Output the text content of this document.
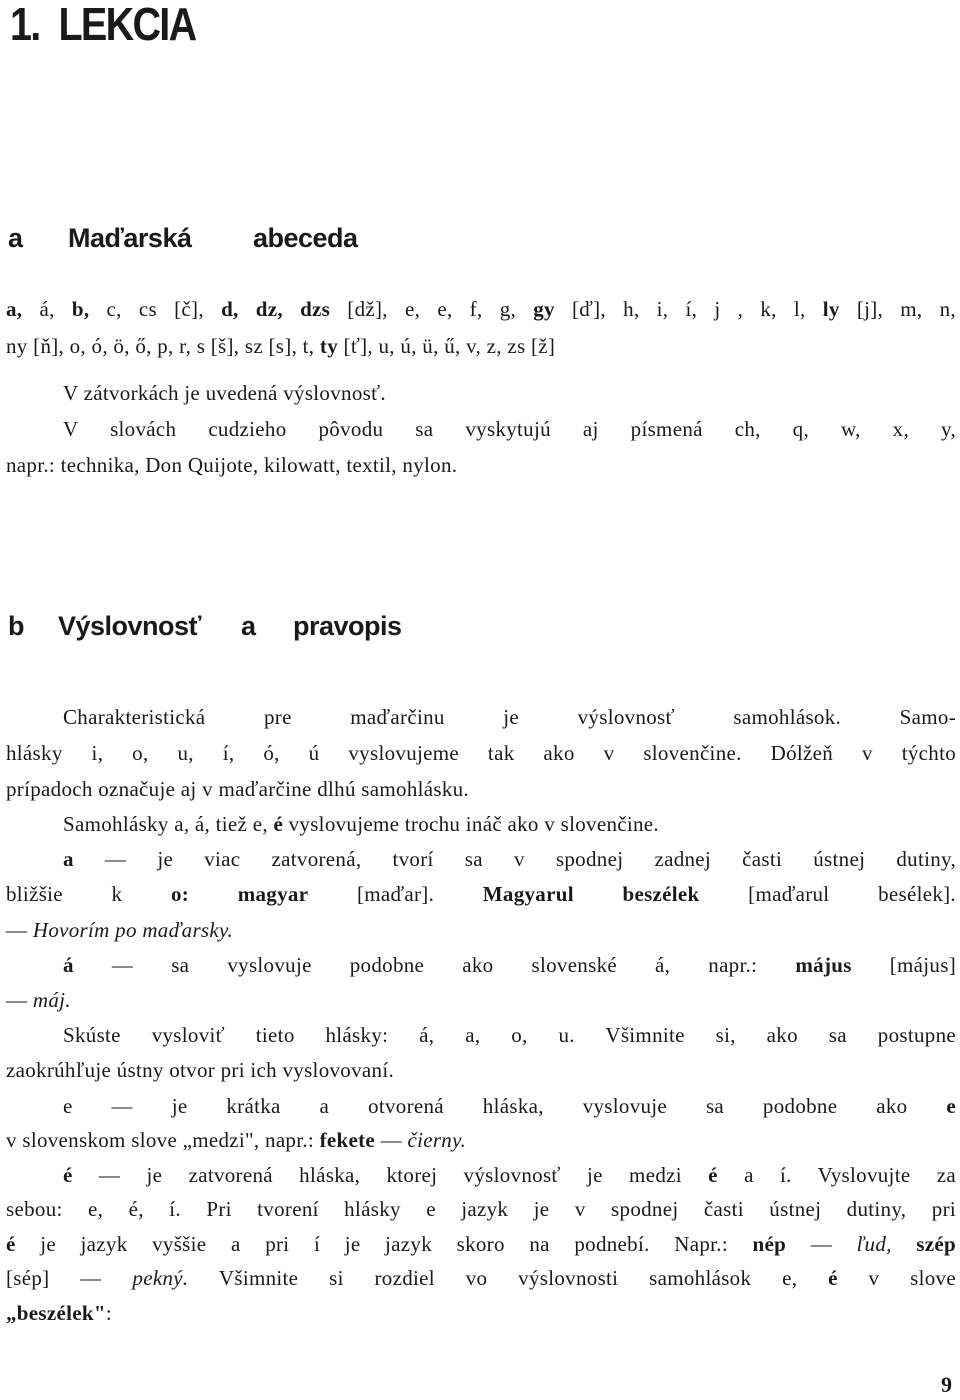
1. LEKCIA
a Maďarská abeceda

a, á, b, c, cs [č], d, dz, dzs [dž], e, e, f, g, gy [ď], h, i, í, j , k, l, ly [j], m, n,

ny [ň], o, ó, ö, ő, p, r, s [š], sz [s], t, ty [ť], u, ú, ü, ű, v, z, zs [ž]

V zátvorkách je uvedená výslovnosť.

V slovách cudzieho pôvodu sa vyskytujú aj písmená ch, q, w, x, y,

napr.: technika, Don Quijote, kilowatt, textil, nylon.

b Výslovnosť a pravopis

Charakteristická pre maďarčinu je výslovnosť samohlások. Samo-

hlásky i, o, u, í, ó, ú vyslovujeme tak ako v slovenčine. Dólžeň v týchto

prípadoch označuje aj v maďarčine dlhú samohlásku.

Samohlásky a, á, tiež e, é vyslovujeme trochu ináč ako v slovenčine.

a — je viac zatvorená, tvorí sa v spodnej zadnej časti ústnej dutiny,

bližšie k o: magyar [maďar]. Magyarul beszélek [maďarul besélek].

— Hovorím po maďarsky.

á — sa vyslovuje podobne ako slovenské á, napr.: május [május]

— máj.

Skúste vysloviť tieto hlásky: á, a, o, u. Všimnite si, ako sa postupne

zaokrúhľuje ústny otvor pri ich vyslovovaní.

e — je krátka a otvorená hláska, vyslovuje sa podobne ako e

v slovenskom slove „medzi", napr.: fekete — čierny.

é — je zatvorená hláska, ktorej výslovnosť je medzi é a í. Vyslovujte za

sebou: e, é, í. Pri tvorení hlásky e jazyk je v spodnej časti ústnej dutiny, pri

é je jazyk vyššie a pri í je jazyk skoro na podnebí. Napr.: nép — ľud, szép

[sép] — pekný. Všimnite si rozdiel vo výslovnosti samohlások e, é v slove

„beszélek":

9
